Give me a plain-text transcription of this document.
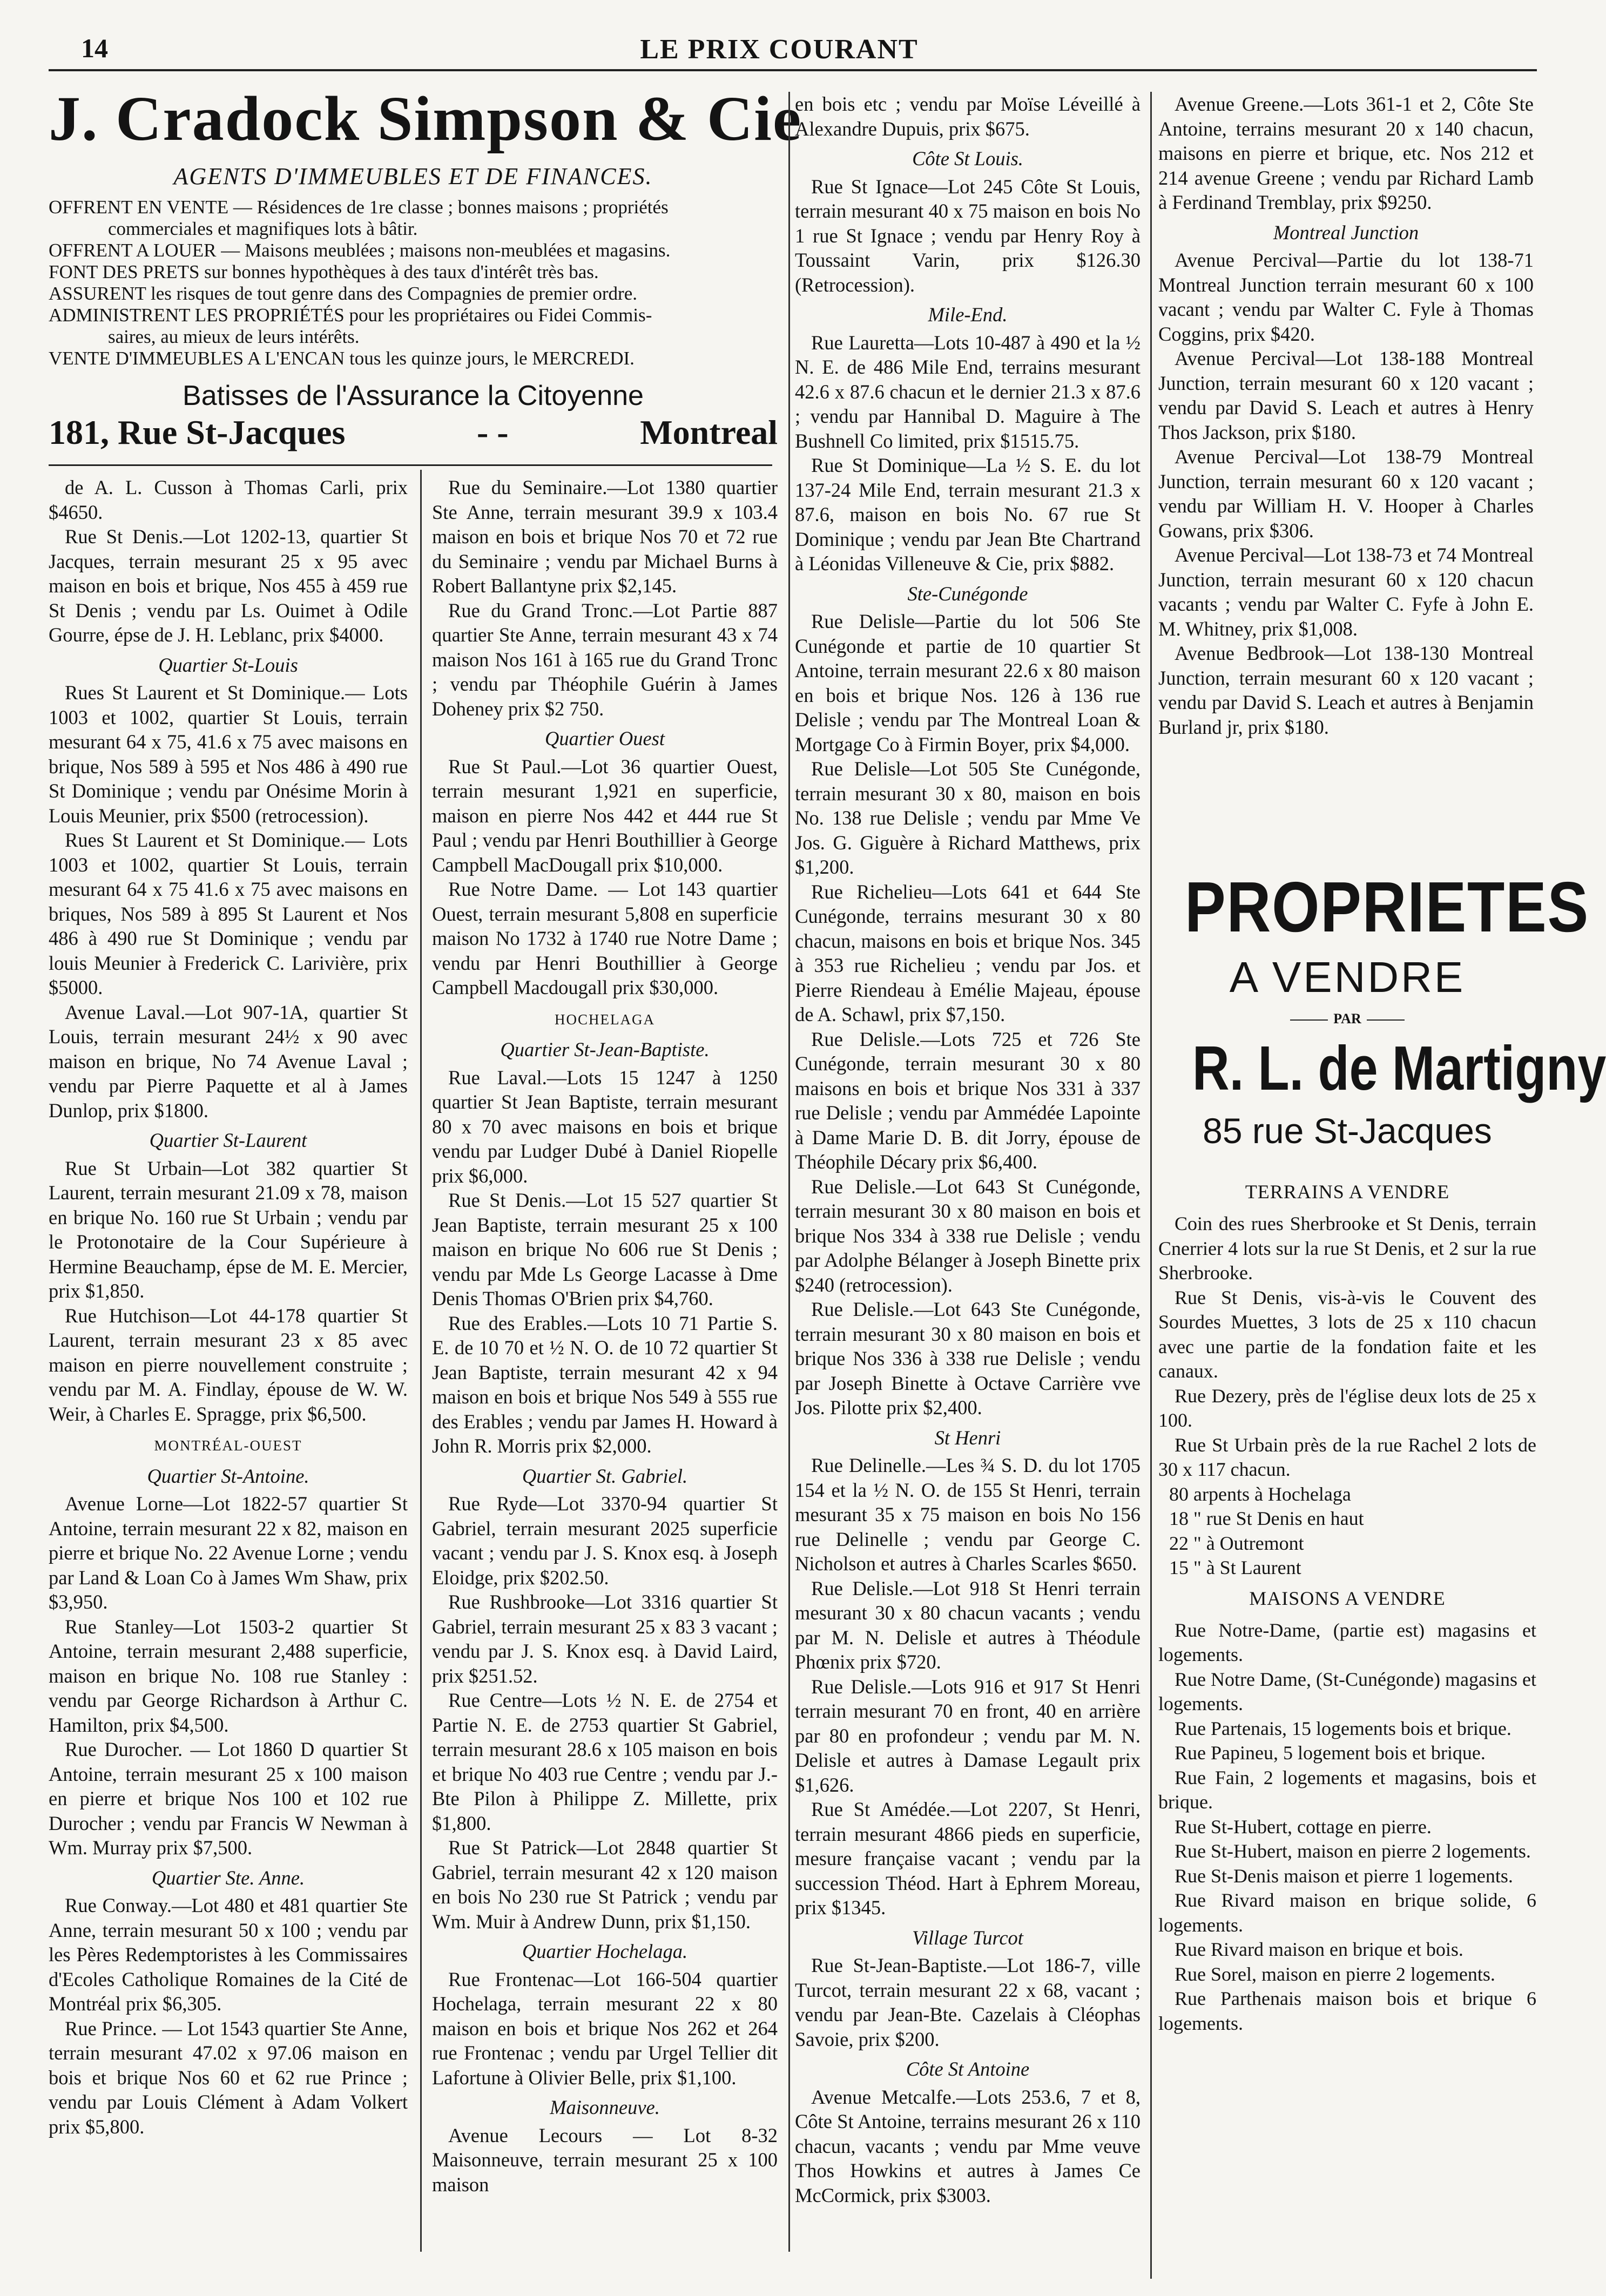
14	LE PRIX COURANT
J. Cradock Simpson & Cie
AGENTS D'IMMEUBLES ET DE FINANCES.
OFFRENT EN VENTE — Résidences de 1re classe ; bonnes maisons ; propriétés
commerciales et magnifiques lots à bâtir.
OFFRENT A LOUER — Maisons meublées ; maisons non-meublées et magasins.
FONT DES PRETS sur bonnes hypothèques à des taux d'intérêt très bas.
ASSURENT les risques de tout genre dans des Compagnies de premier ordre.
ADMINISTRENT LES PROPRIÉTÉS pour les propriétaires ou Fidei Commis-
saires, au mieux de leurs intérêts.
VENTE D'IMMEUBLES A L'ENCAN tous les quinze jours, le MERCREDI.
Batisses de l'Assurance la Citoyenne
181, Rue St-Jacques	- -	Montreal

de A. L. Cusson à Thomas Carli, prix $4650.

Rue St Denis.—Lot 1202-13, quartier St Jacques, terrain mesurant 25 x 95 avec maison en bois et brique, Nos 455 à 459 rue St Denis ; vendu par Ls. Ouimet à Odile Gourre, épse de J. H. Leblanc, prix $4000.

Quartier St-Louis

Rues St Laurent et St Dominique.— Lots 1003 et 1002, quartier St Louis, terrain mesurant 64 x 75, 41.6 x 75 avec maisons en brique, Nos 589 à 595 et Nos 486 à 490 rue St Dominique ; vendu par Onésime Morin à Louis Meunier, prix $500 (retrocession).

Rues St Laurent et St Dominique.— Lots 1003 et 1002, quartier St Louis, terrain mesurant 64 x 75 41.6 x 75 avec maisons en briques, Nos 589 à 895 St Laurent et Nos 486 à 490 rue St Dominique ; vendu par louis Meunier à Frederick C. Larivière, prix $5000.

Avenue Laval.—Lot 907-1A, quartier St Louis, terrain mesurant 24½ x 90 avec maison en brique, No 74 Avenue Laval ; vendu par Pierre Paquette et al à James Dunlop, prix $1800.

Quartier St-Laurent

Rue St Urbain—Lot 382 quartier St Laurent, terrain mesurant 21.09 x 78, maison en brique No. 160 rue St Urbain ; vendu par le Protonotaire de la Cour Supérieure à Hermine Beauchamp, épse de M. E. Mercier, prix $1,850.

Rue Hutchison—Lot 44-178 quartier St Laurent, terrain mesurant 23 x 85 avec maison en pierre nouvellement construite ; vendu par M. A. Findlay, épouse de W. W. Weir, à Charles E. Spragge, prix $6,500.

MONTRÉAL-OUEST

Quartier St-Antoine.

Avenue Lorne—Lot 1822-57 quartier St Antoine, terrain mesurant 22 x 82, maison en pierre et brique No. 22 Avenue Lorne ; vendu par Land & Loan Co à James Wm Shaw, prix $3,950.

Rue Stanley—Lot 1503-2 quartier St Antoine, terrain mesurant 2,488 superficie, maison en brique No. 108 rue Stanley : vendu par George Richardson à Arthur C. Hamilton, prix $4,500.

Rue Durocher. — Lot 1860 D quartier St Antoine, terrain mesurant 25 x 100 maison en pierre et brique Nos 100 et 102 rue Durocher ; vendu par Francis W Newman à Wm. Murray prix $7,500.

Quartier Ste. Anne.

Rue Conway.—Lot 480 et 481 quartier Ste Anne, terrain mesurant 50 x 100 ; vendu par les Pères Redemptoristes à les Commissaires d'Ecoles Catholique Romaines de la Cité de Montréal prix $6,305.

Rue Prince. — Lot 1543 quartier Ste Anne, terrain mesurant 47.02 x 97.06 maison en bois et brique Nos 60 et 62 rue Prince ; vendu par Louis Clément à Adam Volkert prix $5,800.

Rue du Seminaire.—Lot 1380 quartier Ste Anne, terrain mesurant 39.9 x 103.4 maison en bois et brique Nos 70 et 72 rue du Seminaire ; vendu par Michael Burns à Robert Ballantyne prix $2,145.

Rue du Grand Tronc.—Lot Partie 887 quartier Ste Anne, terrain mesurant 43 x 74 maison Nos 161 à 165 rue du Grand Tronc ; vendu par Théophile Guérin à James Doheney prix $2 750.

Quartier Ouest

Rue St Paul.—Lot 36 quartier Ouest, terrain mesurant 1,921 en superficie, maison en pierre Nos 442 et 444 rue St Paul ; vendu par Henri Bouthillier à George Campbell MacDougall prix $10,000.

Rue Notre Dame. — Lot 143 quartier Ouest, terrain mesurant 5,808 en superficie maison No 1732 à 1740 rue Notre Dame ; vendu par Henri Bouthillier à George Campbell Macdougall prix $30,000.

HOCHELAGA

Quartier St-Jean-Baptiste.

Rue Laval.—Lots 15 1247 à 1250 quartier St Jean Baptiste, terrain mesurant 80 x 70 avec maisons en bois et brique vendu par Ludger Dubé à Daniel Riopelle prix $6,000.

Rue St Denis.—Lot 15 527 quartier St Jean Baptiste, terrain mesurant 25 x 100 maison en brique No 606 rue St Denis ; vendu par Mde Ls George Lacasse à Dme Denis Thomas O'Brien prix $4,760.

Rue des Erables.—Lots 10 71 Partie S. E. de 10 70 et ½ N. O. de 10 72 quartier St Jean Baptiste, terrain mesurant 42 x 94 maison en bois et brique Nos 549 à 555 rue des Erables ; vendu par James H. Howard à John R. Morris prix $2,000.

Quartier St. Gabriel.

Rue Ryde—Lot 3370-94 quartier St Gabriel, terrain mesurant 2025 superficie vacant ; vendu par J. S. Knox esq. à Joseph Eloidge, prix $202.50.

Rue Rushbrooke—Lot 3316 quartier St Gabriel, terrain mesurant 25 x 83 3 vacant ; vendu par J. S. Knox esq. à David Laird, prix $251.52.

Rue Centre—Lots ½ N. E. de 2754 et Partie N. E. de 2753 quartier St Gabriel, terrain mesurant 28.6 x 105 maison en bois et brique No 403 rue Centre ; vendu par J.-Bte Pilon à Philippe Z. Millette, prix $1,800.

Rue St Patrick—Lot 2848 quartier St Gabriel, terrain mesurant 42 x 120 maison en bois No 230 rue St Patrick ; vendu par Wm. Muir à Andrew Dunn, prix $1,150.

Quartier Hochelaga.

Rue Frontenac—Lot 166-504 quartier Hochelaga, terrain mesurant 22 x 80 maison en bois et brique Nos 262 et 264 rue Frontenac ; vendu par Urgel Tellier dit Lafortune à Olivier Belle, prix $1,100.

Maisonneuve.

Avenue Lecours — Lot 8-32 Maisonneuve, terrain mesurant 25 x 100 maison

en bois etc ; vendu par Moïse Léveillé à Alexandre Dupuis, prix $675.

Côte St Louis.

Rue St Ignace—Lot 245 Côte St Louis, terrain mesurant 40 x 75 maison en bois No 1 rue St Ignace ; vendu par Henry Roy à Toussaint Varin, prix $126.30 (Retrocession).

Mile-End.

Rue Lauretta—Lots 10-487 à 490 et la ½ N. E. de 486 Mile End, terrains mesurant 42.6 x 87.6 chacun et le dernier 21.3 x 87.6 ; vendu par Hannibal D. Maguire à The Bushnell Co limited, prix $1515.75.

Rue St Dominique—La ½ S. E. du lot 137-24 Mile End, terrain mesurant 21.3 x 87.6, maison en bois No. 67 rue St Dominique ; vendu par Jean Bte Chartrand à Léonidas Villeneuve & Cie, prix $882.

Ste-Cunégonde

Rue Delisle—Partie du lot 506 Ste Cunégonde et partie de 10 quartier St Antoine, terrain mesurant 22.6 x 80 maison en bois et brique Nos. 126 à 136 rue Delisle ; vendu par The Montreal Loan & Mortgage Co à Firmin Boyer, prix $4,000.

Rue Delisle—Lot 505 Ste Cunégonde, terrain mesurant 30 x 80, maison en bois No. 138 rue Delisle ; vendu par Mme Ve Jos. G. Giguère à Richard Matthews, prix $1,200.

Rue Richelieu—Lots 641 et 644 Ste Cunégonde, terrains mesurant 30 x 80 chacun, maisons en bois et brique Nos. 345 à 353 rue Richelieu ; vendu par Jos. et Pierre Riendeau à Emélie Majeau, épouse de A. Schawl, prix $7,150.

Rue Delisle.—Lots 725 et 726 Ste Cunégonde, terrain mesurant 30 x 80 maisons en bois et brique Nos 331 à 337 rue Delisle ; vendu par Ammédée Lapointe à Dame Marie D. B. dit Jorry, épouse de Théophile Décary prix $6,400.

Rue Delisle.—Lot 643 St Cunégonde, terrain mesurant 30 x 80 maison en bois et brique Nos 334 à 338 rue Delisle ; vendu par Adolphe Bélanger à Joseph Binette prix $240 (retrocession).

Rue Delisle.—Lot 643 Ste Cunégonde, terrain mesurant 30 x 80 maison en bois et brique Nos 336 à 338 rue Delisle ; vendu par Joseph Binette à Octave Carrière vve Jos. Pilotte prix $2,400.

St Henri

Rue Delinelle.—Les ¾ S. D. du lot 1705 154 et la ½ N. O. de 155 St Henri, terrain mesurant 35 x 75 maison en bois No 156 rue Delinelle ; vendu par George C. Nicholson et autres à Charles Scarles $650.

Rue Delisle.—Lot 918 St Henri terrain mesurant 30 x 80 chacun vacants ; vendu par M. N. Delisle et autres à Théodule Phœnix prix $720.

Rue Delisle.—Lots 916 et 917 St Henri terrain mesurant 70 en front, 40 en arrière par 80 en profondeur ; vendu par M. N. Delisle et autres à Damase Legault prix $1,626.

Rue St Amédée.—Lot 2207, St Henri, terrain mesurant 4866 pieds en superficie, mesure française vacant ; vendu par la succession Théod. Hart à Ephrem Moreau, prix $1345.

Village Turcot

Rue St-Jean-Baptiste.—Lot 186-7, ville Turcot, terrain mesurant 22 x 68, vacant ; vendu par Jean-Bte. Cazelais à Cléophas Savoie, prix $200.

Côte St Antoine

Avenue Metcalfe.—Lots 253.6, 7 et 8, Côte St Antoine, terrains mesurant 26 x 110 chacun, vacants ; vendu par Mme veuve Thos Howkins et autres à James Ce McCormick, prix $3003.

Avenue Greene.—Lots 361-1 et 2, Côte Ste Antoine, terrains mesurant 20 x 140 chacun, maisons en pierre et brique, etc. Nos 212 et 214 avenue Greene ; vendu par Richard Lamb à Ferdinand Tremblay, prix $9250.

Montreal Junction

Avenue Percival—Partie du lot 138-71 Montreal Junction terrain mesurant 60 x 100 vacant ; vendu par Walter C. Fyle à Thomas Coggins, prix $420.

Avenue Percival—Lot 138-188 Montreal Junction, terrain mesurant 60 x 120 vacant ; vendu par David S. Leach et autres à Henry Thos Jackson, prix $180.

Avenue Percival—Lot 138-79 Montreal Junction, terrain mesurant 60 x 120 vacant ; vendu par William H. V. Hooper à Charles Gowans, prix $306.

Avenue Percival—Lot 138-73 et 74 Montreal Junction, terrain mesurant 60 x 120 chacun vacants ; vendu par Walter C. Fyfe à John E. M. Whitney, prix $1,008.

Avenue Bedbrook—Lot 138-130 Montreal Junction, terrain mesurant 60 x 120 vacant ; vendu par David S. Leach et autres à Benjamin Burland jr, prix $180.

PROPRIETES
A VENDRE
PAR
R. L. de Martigny
85 rue St-Jacques
TERRAINS A VENDRE

Coin des rues Sherbrooke et St Denis, terrain Cnerrier 4 lots sur la rue St Denis, et 2 sur la rue Sherbrooke.

Rue St Denis, vis-à-vis le Couvent des Sourdes Muettes, 3 lots de 25 x 110 chacun avec une partie de la fondation faite et les canaux.

Rue Dezery, près de l'église deux lots de 25 x 100.

Rue St Urbain près de la rue Rachel 2 lots de 30 x 117 chacun.

80 arpents à Hochelaga

18 " rue St Denis en haut

22 " à Outremont

15 " à St Laurent

MAISONS A VENDRE

Rue Notre-Dame, (partie est) magasins et logements.

Rue Notre Dame, (St-Cunégonde) magasins et logements.

Rue Partenais, 15 logements bois et brique.

Rue Papineu, 5 logement bois et brique.

Rue Fain, 2 logements et magasins, bois et brique.

Rue St-Hubert, cottage en pierre.

Rue St-Hubert, maison en pierre 2 logements.

Rue St-Denis maison et pierre 1 logements.

Rue Rivard maison en brique solide, 6 logements.

Rue Rivard maison en brique et bois.

Rue Sorel, maison en pierre 2 logements.

Rue Parthenais maison bois et brique 6 logements.
